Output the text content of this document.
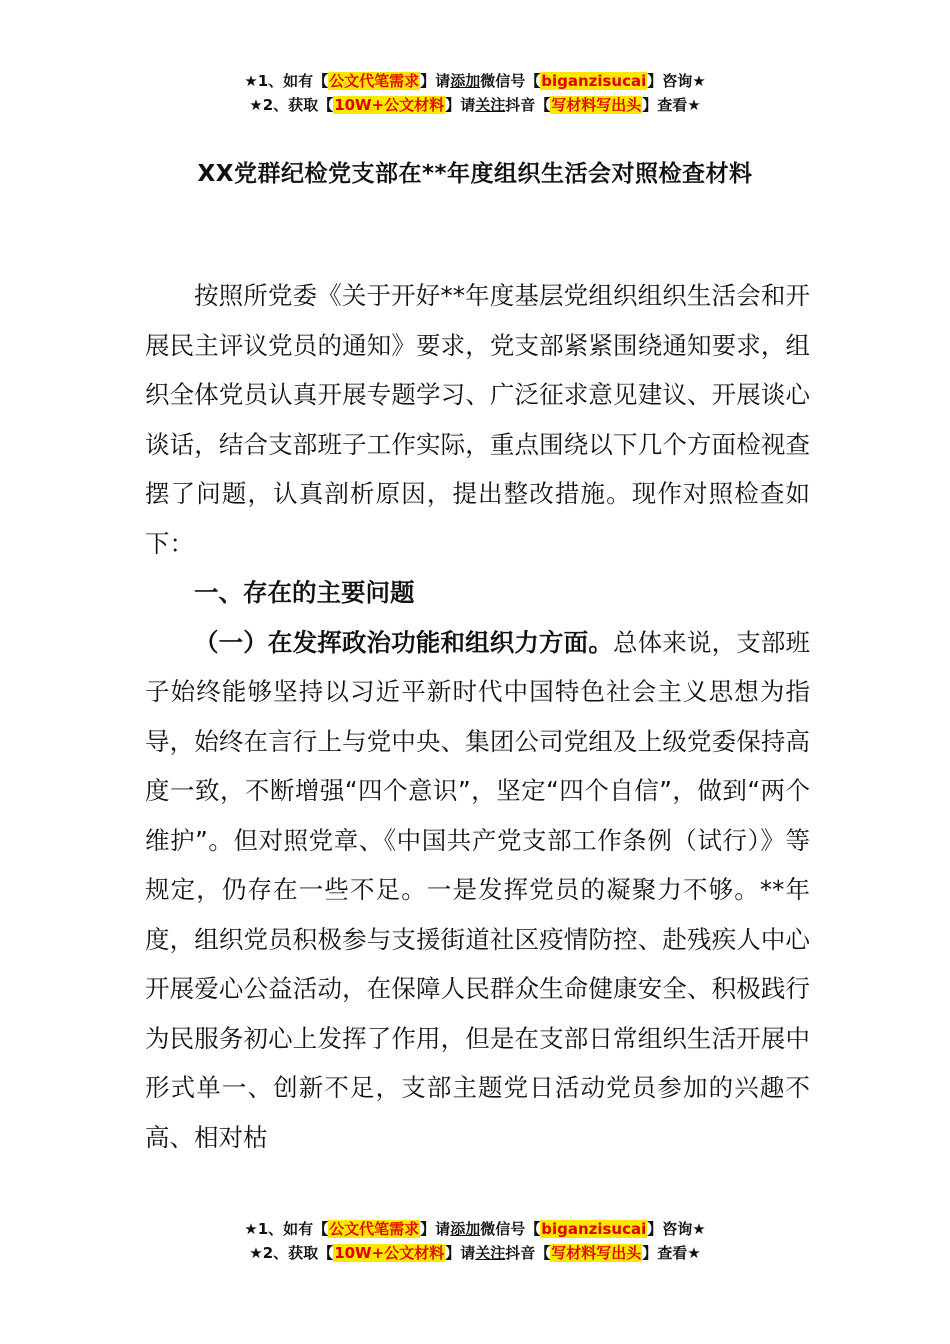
★1、如有【公文代笔需求】请添加微信号【biganzisucai】咨询★
★2、获取【10W+公文材料】请关注抖音【写材料写出头】查看★
XX党群纪检党支部在**年度组织生活会对照检查材料

按照所党委《关于开好**年度基层党组织组织生活会和开展民主评议党员的通知》要求，党支部紧紧围绕通知要求，组织全体党员认真开展专题学习、广泛征求意见建议、开展谈心谈话，结合支部班子工作实际，重点围绕以下几个方面检视查摆了问题，认真剖析原因，提出整改措施。现作对照检查如下：

一、存在的主要问题

（一）在发挥政治功能和组织力方面。总体来说，支部班子始终能够坚持以习近平新时代中国特色社会主义思想为指导，始终在言行上与党中央、集团公司党组及上级党委保持高度一致，不断增强“四个意识”，坚定“四个自信”，做到“两个维护”。但对照党章、《中国共产党支部工作条例（试行）》等规定，仍存在一些不足。一是发挥党员的凝聚力不够。**年度，组织党员积极参与支援街道社区疫情防控、赴残疾人中心开展爱心公益活动，在保障人民群众生命健康安全、积极践行为民服务初心上发挥了作用，但是在支部日常组织生活开展中形式单一、创新不足，支部主题党日活动党员参加的兴趣不高、相对枯

★1、如有【公文代笔需求】请添加微信号【biganzisucai】咨询★
★2、获取【10W+公文材料】请关注抖音【写材料写出头】查看★
